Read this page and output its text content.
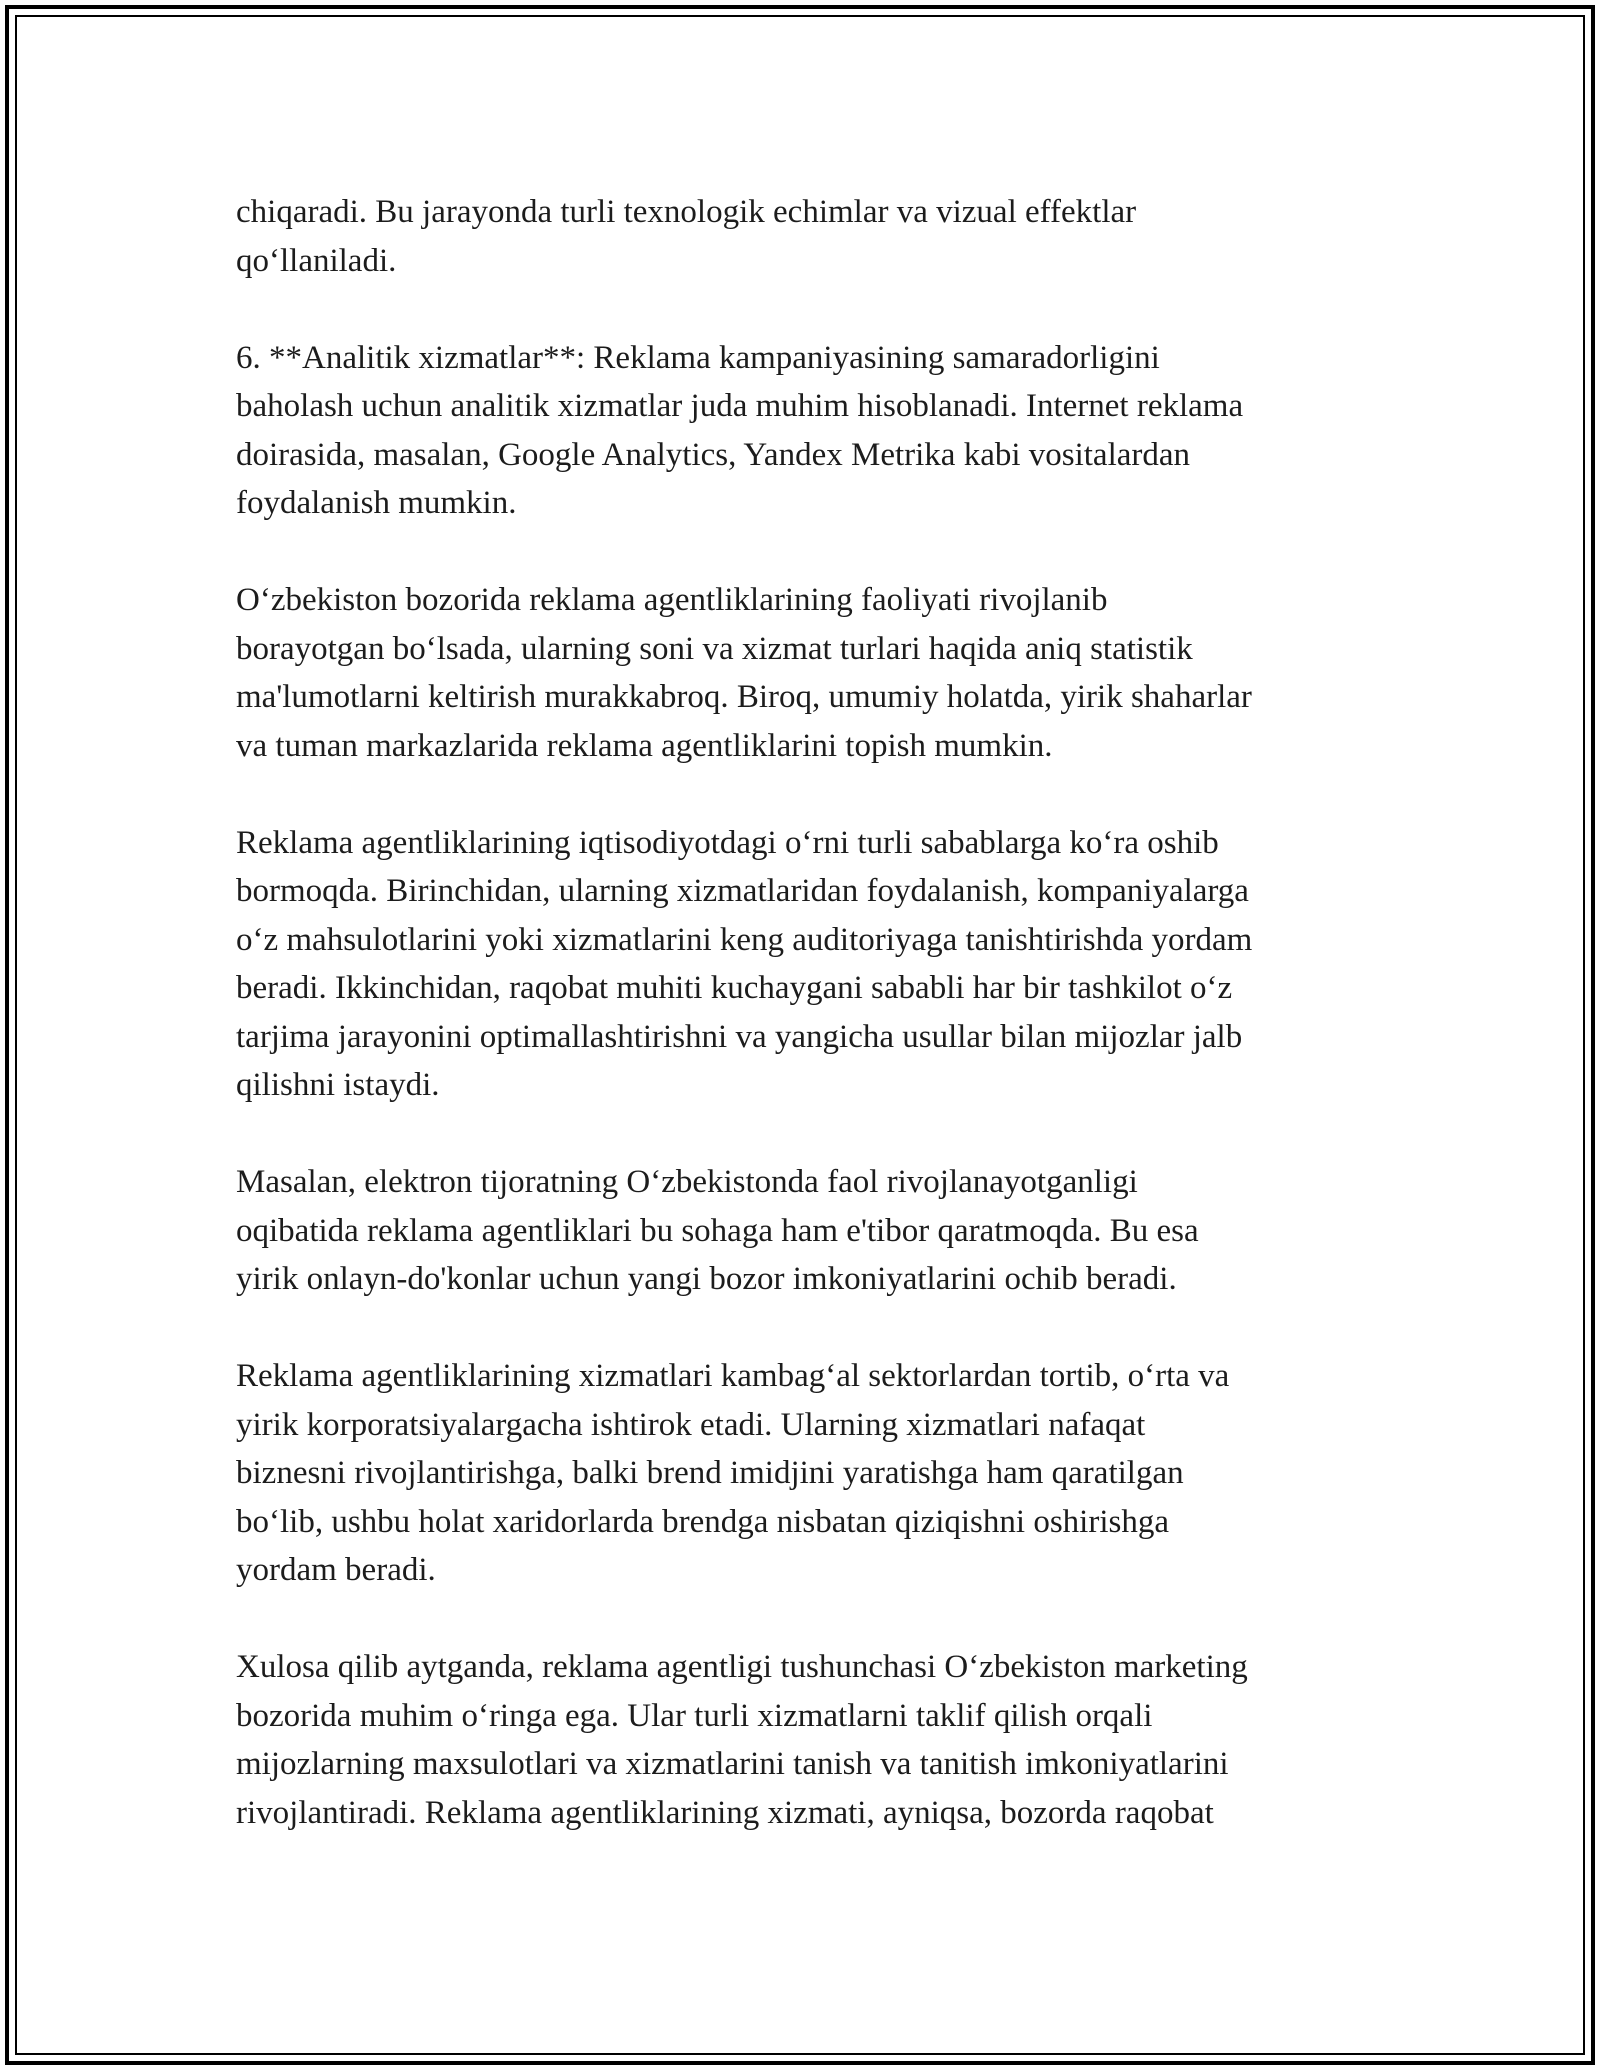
chiqaradi. Bu jarayonda turli texnologik echimlar va vizual effektlar
qo‘llaniladi.

6. **Analitik xizmatlar**: Reklama kampaniyasining samaradorligini
baholash uchun analitik xizmatlar juda muhim hisoblanadi. Internet reklama
doirasida, masalan, Google Analytics, Yandex Metrika kabi vositalardan
foydalanish mumkin.

O‘zbekiston bozorida reklama agentliklarining faoliyati rivojlanib
borayotgan bo‘lsada, ularning soni va xizmat turlari haqida aniq statistik
ma'lumotlarni keltirish murakkabroq. Biroq, umumiy holatda, yirik shaharlar
va tuman markazlarida reklama agentliklarini topish mumkin.

Reklama agentliklarining iqtisodiyotdagi o‘rni turli sabablarga ko‘ra oshib
bormoqda. Birinchidan, ularning xizmatlaridan foydalanish, kompaniyalarga
o‘z mahsulotlarini yoki xizmatlarini keng auditoriyaga tanishtirishda yordam
beradi. Ikkinchidan, raqobat muhiti kuchaygani sababli har bir tashkilot o‘z
tarjima jarayonini optimallashtirishni va yangicha usullar bilan mijozlar jalb
qilishni istaydi.

Masalan, elektron tijoratning O‘zbekistonda faol rivojlanayotganligi
oqibatida reklama agentliklari bu sohaga ham e'tibor qaratmoqda. Bu esa
yirik onlayn-do'konlar uchun yangi bozor imkoniyatlarini ochib beradi.

Reklama agentliklarining xizmatlari kambag‘al sektorlardan tortib, o‘rta va
yirik korporatsiyalargacha ishtirok etadi. Ularning xizmatlari nafaqat
biznesni rivojlantirishga, balki brend imidjini yaratishga ham qaratilgan
bo‘lib, ushbu holat xaridorlarda brendga nisbatan qiziqishni oshirishga
yordam beradi.

Xulosa qilib aytganda, reklama agentligi tushunchasi O‘zbekiston marketing
bozorida muhim o‘ringa ega. Ular turli xizmatlarni taklif qilish orqali
mijozlarning maxsulotlari va xizmatlarini tanish va tanitish imkoniyatlarini
rivojlantiradi. Reklama agentliklarining xizmati, ayniqsa, bozorda raqobat
